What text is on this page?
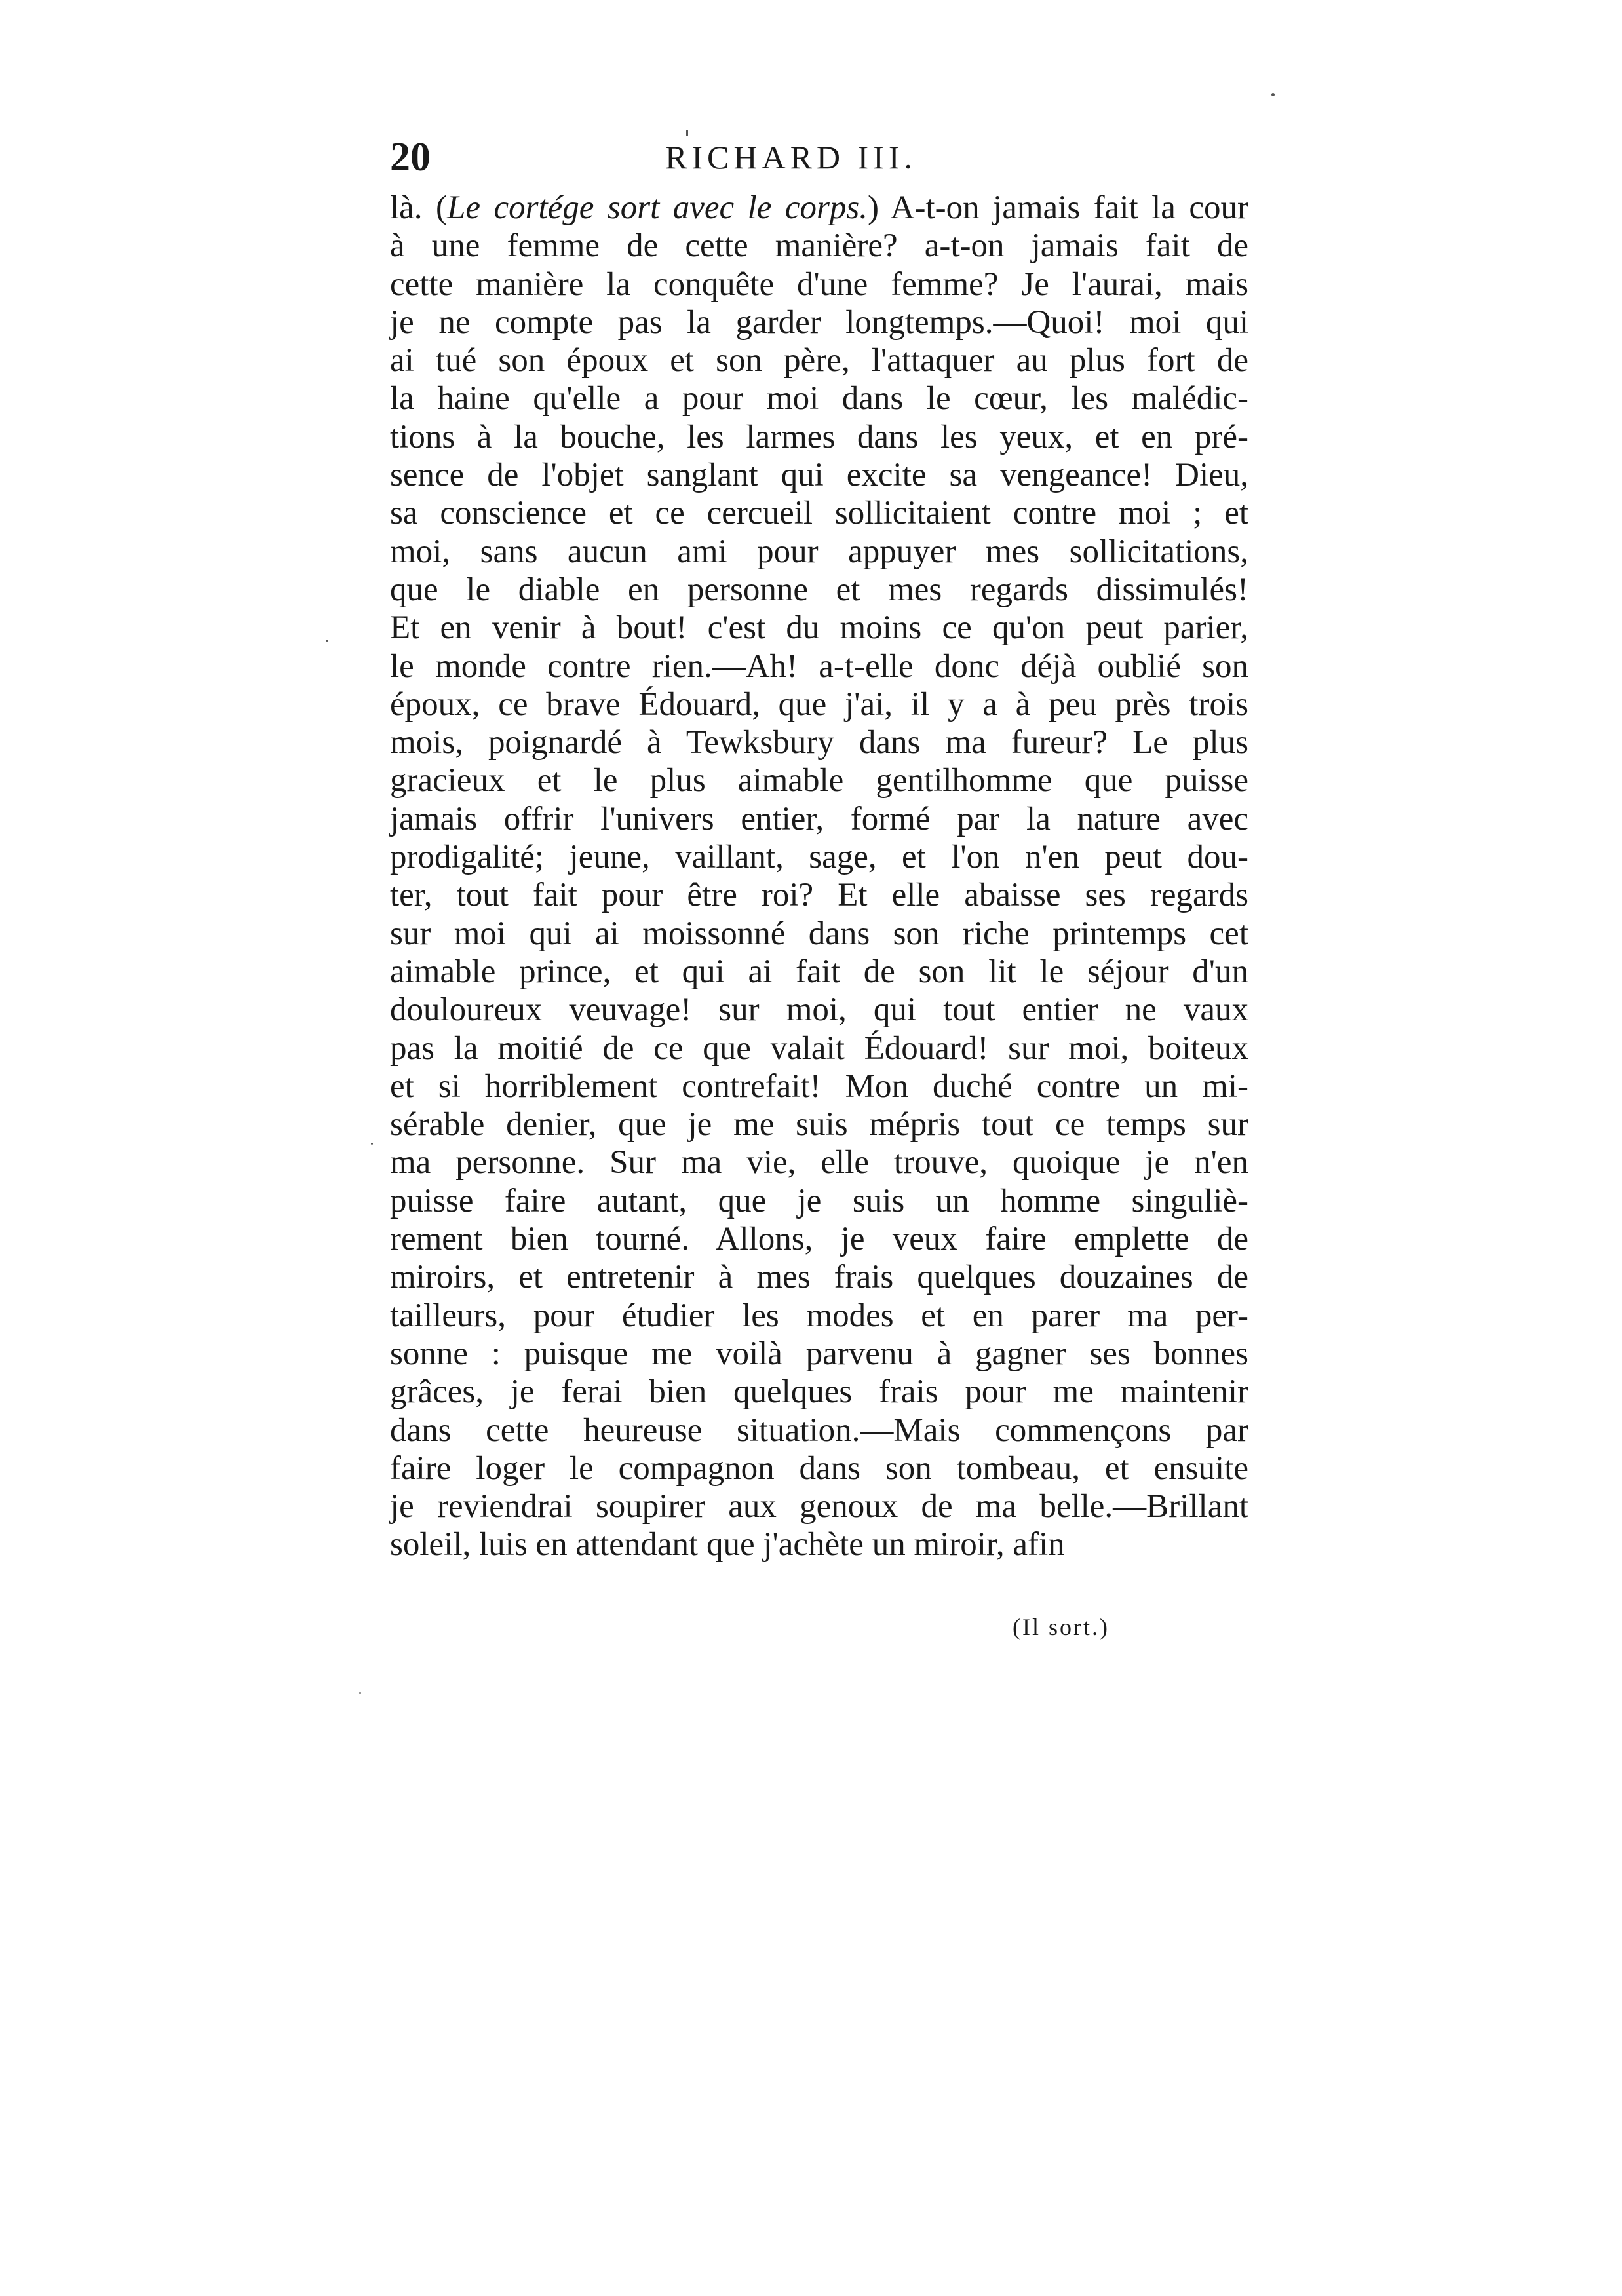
20	RICHARD III.
là. (Le cortége sort avec le corps.) A-t-on jamais fait la cour
à une femme de cette manière? a-t-on jamais fait de
cette manière la conquête d'une femme? Je l'aurai, mais
je ne compte pas la garder longtemps.—Quoi! moi qui
ai tué son époux et son père, l'attaquer au plus fort de
la haine qu'elle a pour moi dans le cœur, les malédic-
tions à la bouche, les larmes dans les yeux, et en pré-
sence de l'objet sanglant qui excite sa vengeance! Dieu,
sa conscience et ce cercueil sollicitaient contre moi ; et
moi, sans aucun ami pour appuyer mes sollicitations,
que le diable en personne et mes regards dissimulés!
Et en venir à bout! c'est du moins ce qu'on peut parier,
le monde contre rien.—Ah! a-t-elle donc déjà oublié son
époux, ce brave Édouard, que j'ai, il y a à peu près trois
mois, poignardé à Tewksbury dans ma fureur? Le plus
gracieux et le plus aimable gentilhomme que puisse
jamais offrir l'univers entier, formé par la nature avec
prodigalité; jeune, vaillant, sage, et l'on n'en peut dou-
ter, tout fait pour être roi? Et elle abaisse ses regards
sur moi qui ai moissonné dans son riche printemps cet
aimable prince, et qui ai fait de son lit le séjour d'un
douloureux veuvage! sur moi, qui tout entier ne vaux
pas la moitié de ce que valait Édouard! sur moi, boiteux
et si horriblement contrefait! Mon duché contre un mi-
sérable denier, que je me suis mépris tout ce temps sur
ma personne. Sur ma vie, elle trouve, quoique je n'en
puisse faire autant, que je suis un homme singuliè-
rement bien tourné. Allons, je veux faire emplette de
miroirs, et entretenir à mes frais quelques douzaines de
tailleurs, pour étudier les modes et en parer ma per-
sonne : puisque me voilà parvenu à gagner ses bonnes
grâces, je ferai bien quelques frais pour me maintenir
dans cette heureuse situation.—Mais commençons par
faire loger le compagnon dans son tombeau, et ensuite
je reviendrai soupirer aux genoux de ma belle.—Brillant
soleil, luis en attendant que j'achète un miroir, afin
(Il sort.)
